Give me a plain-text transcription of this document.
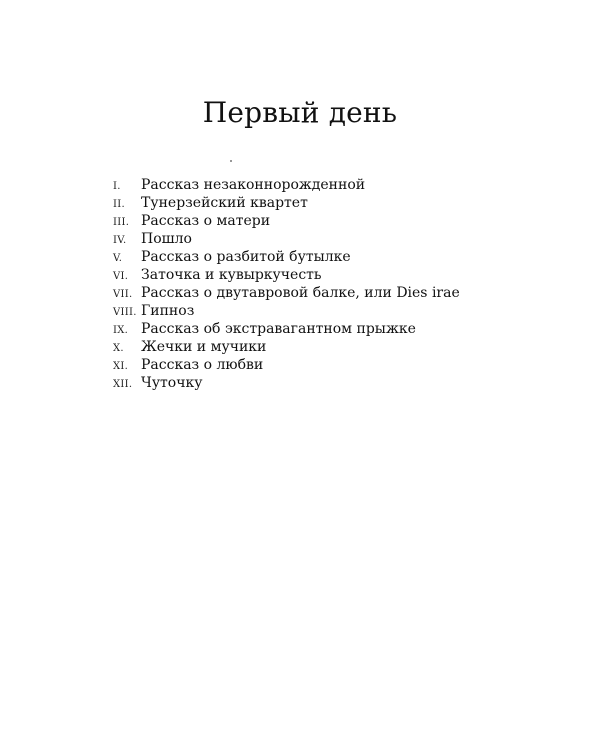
Первый день
I.	Рассказ незаконнорожденной
II.	Тунерзейский квартет
III. Рассказ о матери
IV.	Пошло
V.	Рассказ о разбитой бутылке
VI. Заточка и кувыркучесть
VII. Рассказ о двутавровой балке, или Dies irae
VIII. Гипноз
IX. Рассказ об экстравагантном прыжке
X.	Жечки и мучики
XI. Рассказ о любви
XII. Чуточку
